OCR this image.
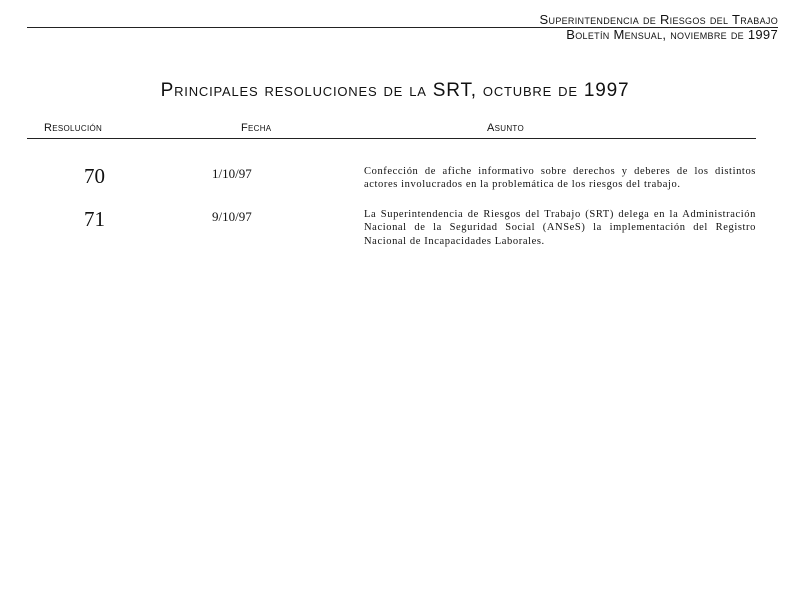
Superintendencia de Riesgos del Trabajo
Boletín Mensual, noviembre de 1997
Principales resoluciones de la SRT, octubre de 1997
Resolución	Fecha	Asunto
70	1/10/97	Confección de afiche informativo sobre derechos y deberes de los distintos actores involucrados en la problemática de los riesgos del trabajo.
71	9/10/97	La Superintendencia de Riesgos del Trabajo (SRT) delega en la Administración Nacional de la Seguridad Social (ANSeS) la implementación del Registro Nacional de Incapacidades Laborales.
